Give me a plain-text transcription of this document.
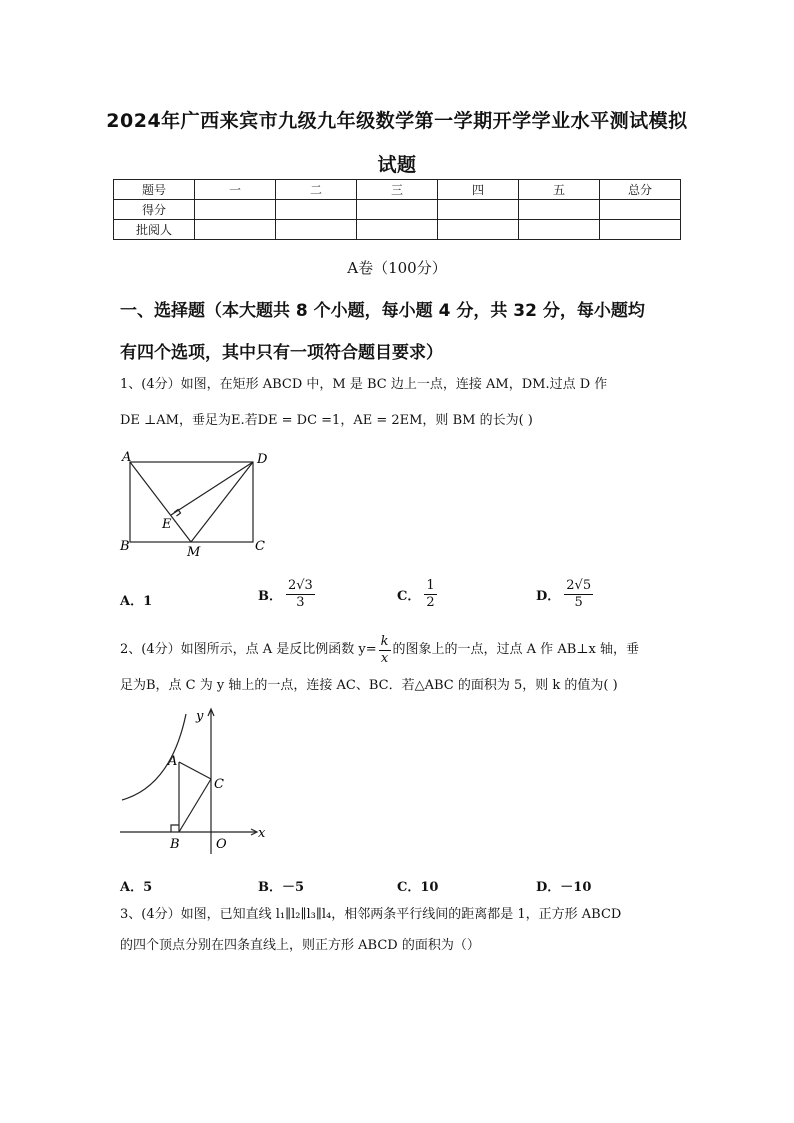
2024年广西来宾市九级九年级数学第一学期开学学业水平测试模拟
试题
题号	一	二	三	四	五	总分
得分						
批阅人						
A卷（100分）
一、选择题（本大题共 8 个小题，每小题 4 分，共 32 分，每小题均
有四个选项，其中只有一项符合题目要求）
1、(4分）如图，在矩形 ABCD 中，M 是 BC 边上一点，连接 AM，DM.过点 D 作
DE ⊥AM，垂足为E.若DE = DC =1，AE = 2EM，则 BM 的长为( )
A	D
E
B	M	C
A．1	B． $\frac{2√3}{3}$	C． $\frac{1}{2}$	D． $\frac{2√5}{5}$
2、(4分）如图所示，点 A 是反比例函数 $y= \frac{k}{x}$ 的图象上的一点，过点 A 作 AB⊥x 轴，垂
足为B，点 C 为 y 轴上的一点，连接 AC、BC．若△ABC 的面积为 5，则 k 的值为( )
y
A
C
B	O
x
A．5	B．－5	C．10	D．－10
3、(4分）如图，已知直线 l₁∥l₂∥l₃∥l₄，相邻两条平行线间的距离都是 1，正方形 ABCD
的四个顶点分别在四条直线上，则正方形 ABCD 的面积为（）
